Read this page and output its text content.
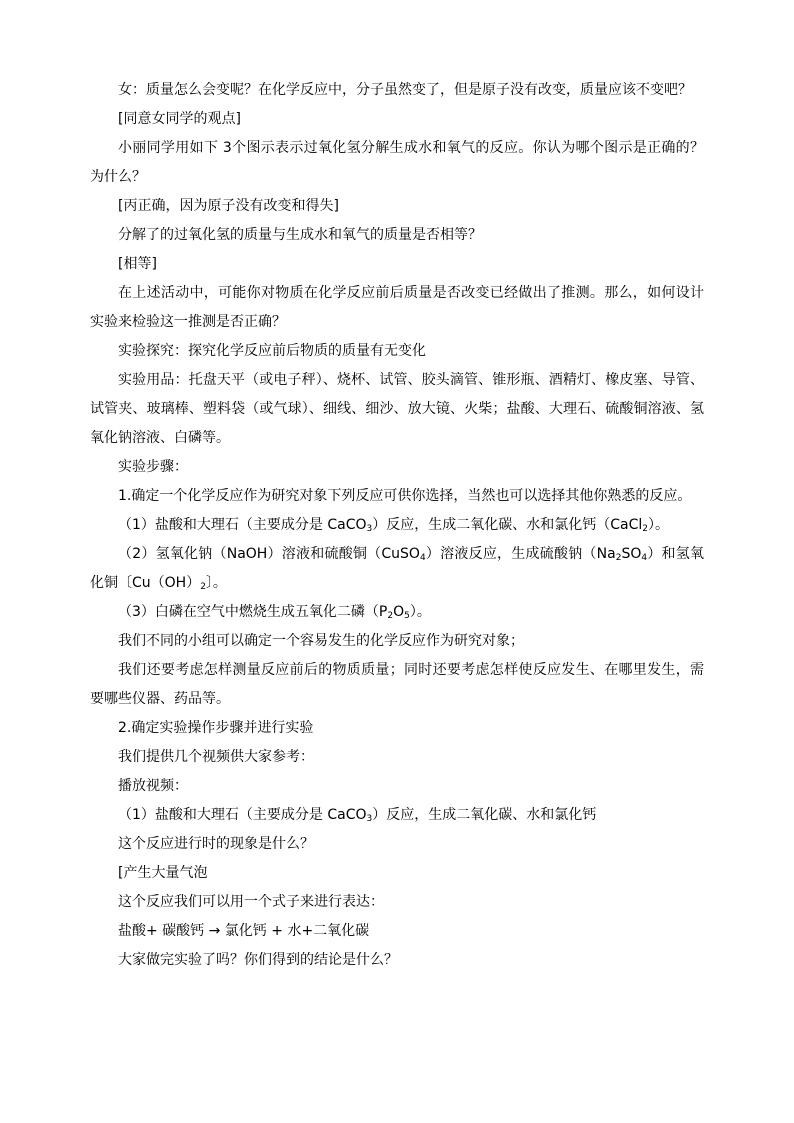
女：质量怎么会变呢？在化学反应中，分子虽然变了，但是原子没有改变，质量应该不变吧？

[同意女同学的观点]

小丽同学用如下 3个图示表示过氧化氢分解生成水和氧气的反应。你认为哪个图示是正确的？为什么？

[丙正确，因为原子没有改变和得失]

分解了的过氧化氢的质量与生成水和氧气的质量是否相等？

[相等]

在上述活动中，可能你对物质在化学反应前后质量是否改变已经做出了推测。那么，如何设计实验来检验这一推测是否正确？

实验探究：探究化学反应前后物质的质量有无变化

实验用品：托盘天平（或电子秤）、烧杯、试管、胶头滴管、锥形瓶、酒精灯、橡皮塞、导管、试管夹、玻璃棒、塑料袋（或气球）、细线、细沙、放大镜、火柴；盐酸、大理石、硫酸铜溶液、氢氧化钠溶液、白磷等。

实验步骤：

1.确定一个化学反应作为研究对象下列反应可供你选择，当然也可以选择其他你熟悉的反应。

（1）盐酸和大理石（主要成分是 CaCO$_3$）反应，生成二氧化碳、水和氯化钙（CaCl$_2$）。

（2）氢氧化钠（NaOH）溶液和硫酸铜（CuSO$_4$）溶液反应，生成硫酸钠$(Na_2SO_4)$和氢氧化铜〔$Cu(OH)_2$〕。

（3）白磷在空气中燃烧生成五氧化二磷$(P_2O_5)$。

我们不同的小组可以确定一个容易发生的化学反应作为研究对象；

我们还要考虑怎样测量反应前后的物质质量；同时还要考虑怎样使反应发生、在哪里发生，需要哪些仪器、药品等。

2.确定实验操作步骤并进行实验

我们提供几个视频供大家参考：

播放视频：

（1）盐酸和大理石（主要成分是 CaCO$_3$）反应，生成二氧化碳、水和氯化钙

这个反应进行时的现象是什么？

[产生大量气泡

这个反应我们可以用一个式子来进行表达：

盐酸+ 碳酸钙 → 氯化钙 + 水+二氧化碳

大家做完实验了吗？你们得到的结论是什么？
